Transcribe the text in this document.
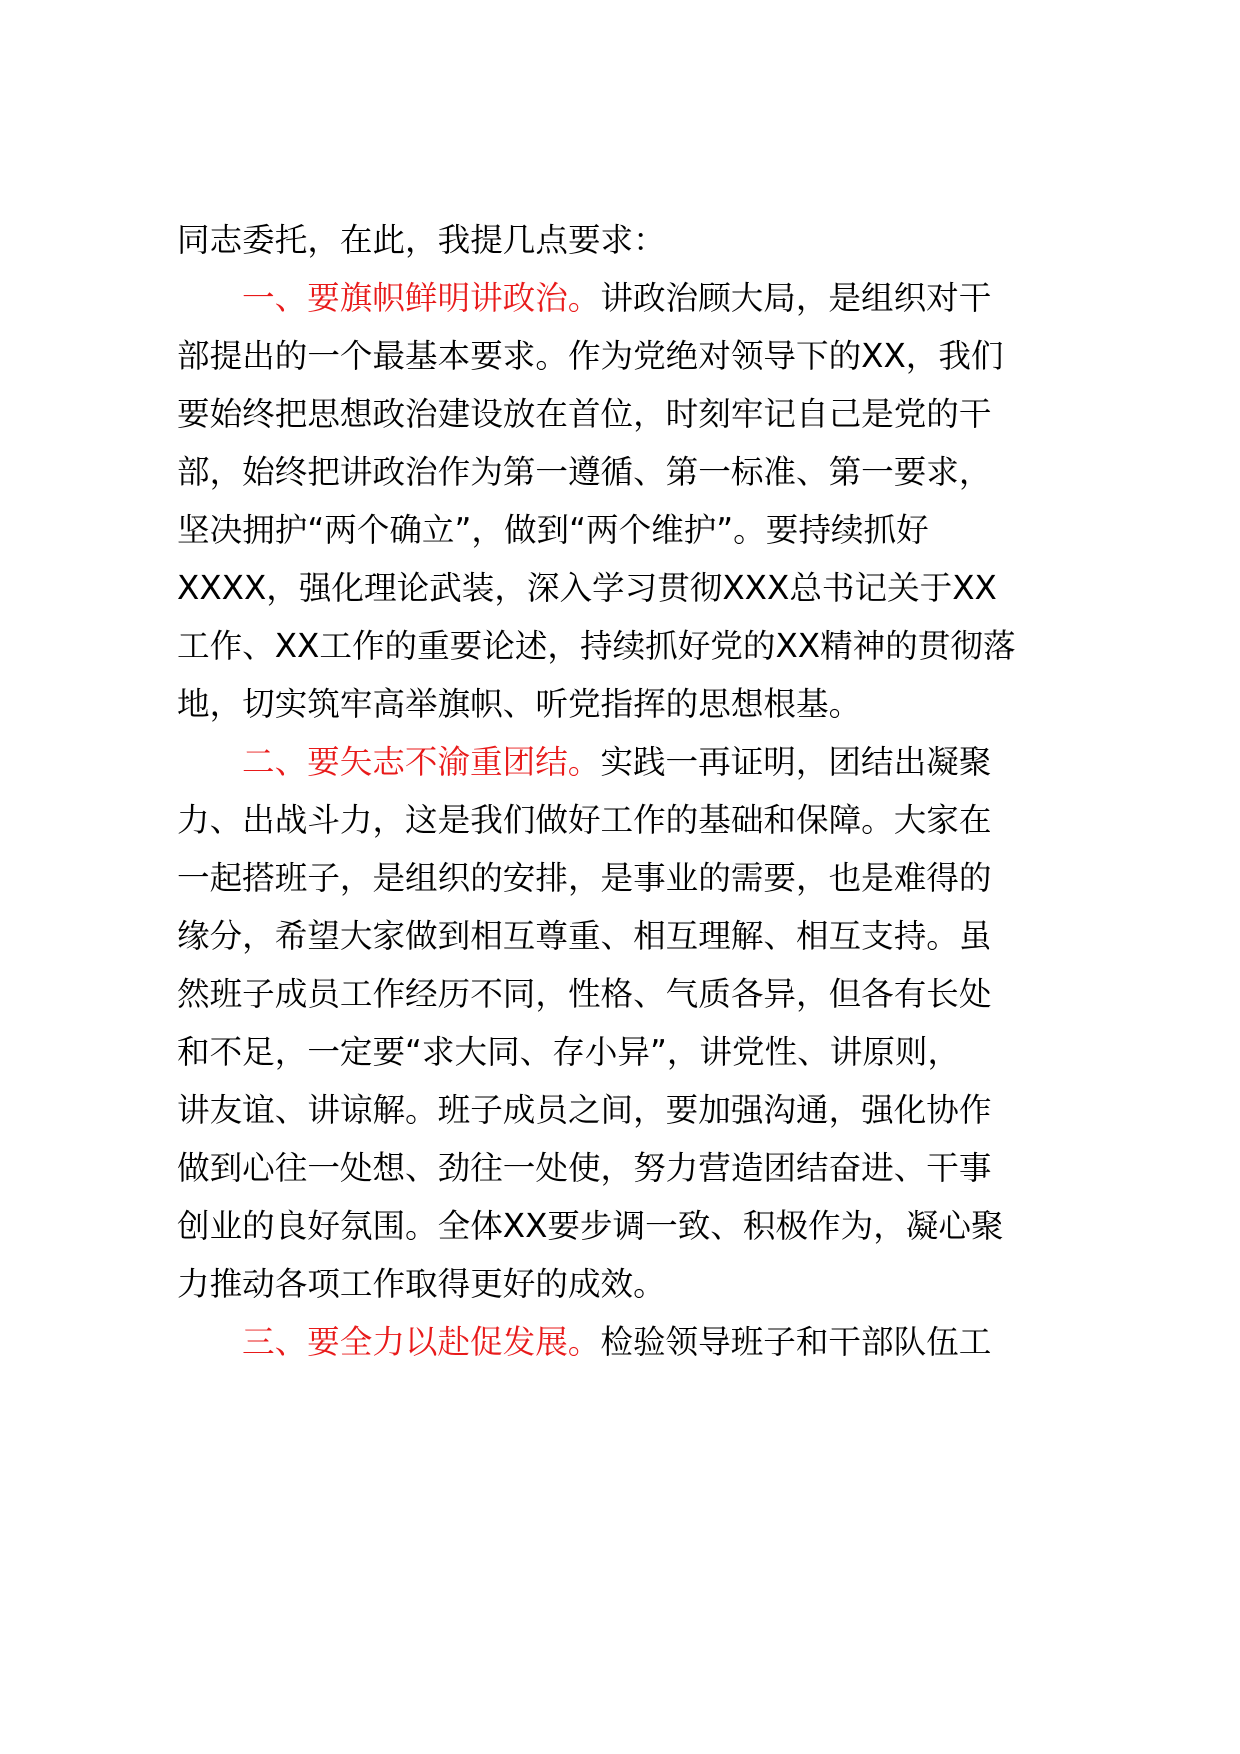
同志委托，在此，我提几点要求：
一、要旗帜鲜明讲政治。讲政治顾大局，是组织对干
部提出的一个最基本要求。作为党绝对领导下的XX，我们
要始终把思想政治建设放在首位，时刻牢记自己是党的干
部，始终把讲政治作为第一遵循、第一标准、第一要求，
坚决拥护“两个确立”，做到“两个维护”。要持续抓好
XXXX，强化理论武装，深入学习贯彻XXX总书记关于XX
工作、XX工作的重要论述，持续抓好党的XX精神的贯彻落
地，切实筑牢高举旗帜、听党指挥的思想根基。
二、要矢志不渝重团结。实践一再证明，团结出凝聚
力、出战斗力，这是我们做好工作的基础和保障。大家在
一起搭班子，是组织的安排，是事业的需要，也是难得的
缘分，希望大家做到相互尊重、相互理解、相互支持。虽
然班子成员工作经历不同，性格、气质各异，但各有长处
和不足，一定要“求大同、存小异”，讲党性、讲原则，
讲友谊、讲谅解。班子成员之间，要加强沟通，强化协作
做到心往一处想、劲往一处使，努力营造团结奋进、干事
创业的良好氛围。全体XX要步调一致、积极作为，凝心聚
力推动各项工作取得更好的成效。
三、要全力以赴促发展。检验领导班子和干部队伍工
